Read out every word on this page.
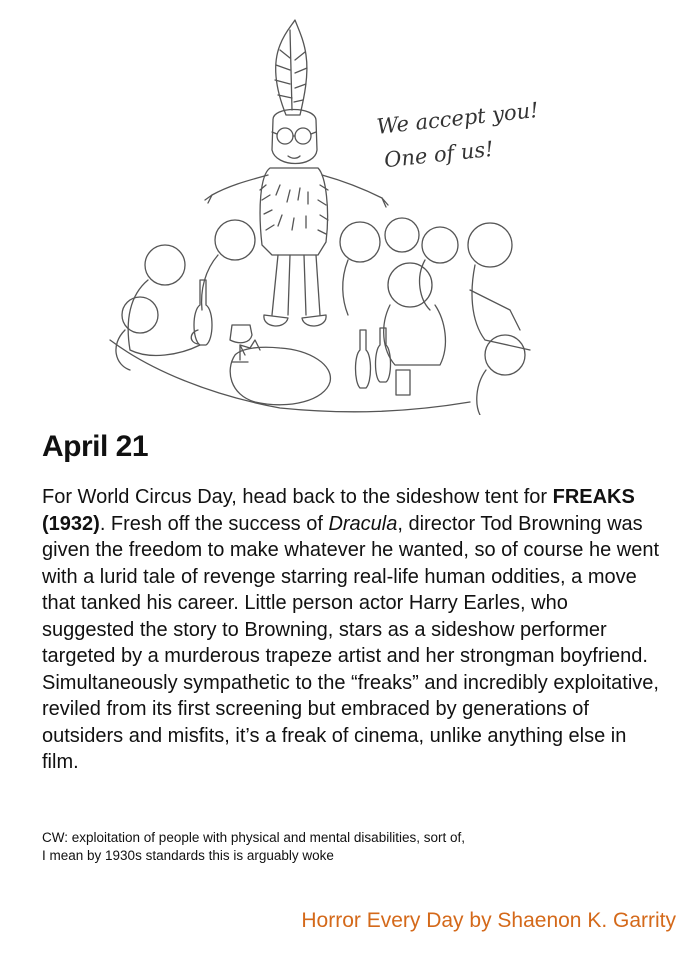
We accept you!
One of us!
April 21

For World Circus Day, head back to the sideshow tent for FREAKS (1932). Fresh off the success of Dracula, director Tod Browning was given the freedom to make whatever he wanted, so of course he went with a lurid tale of revenge starring real-life human oddities, a move that tanked his career. Little person actor Harry Earles, who suggested the story to Browning, stars as a sideshow performer targeted by a murderous trapeze artist and her strongman boyfriend. Simultaneously sympathetic to the “freaks” and incredibly exploitative, reviled from its first screening but embraced by generations of outsiders and misfits, it’s a freak of cinema, unlike anything else in film.

CW: exploitation of people with physical and mental disabilities, sort of,
I mean by 1930s standards this is arguably woke
Horror Every Day by Shaenon K. Garrity
